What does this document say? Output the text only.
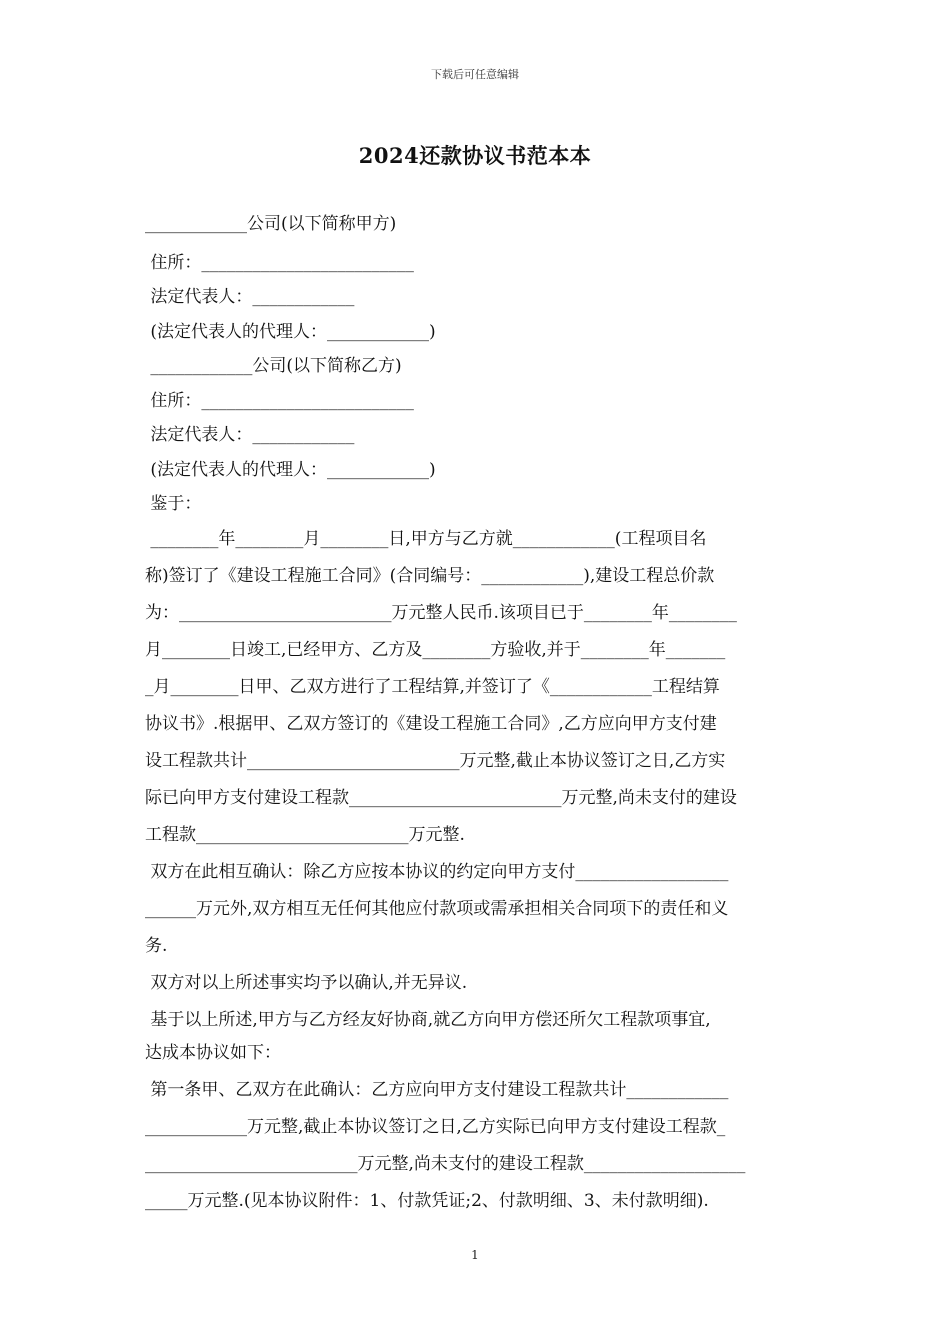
下载后可任意编辑
2024还款协议书范本本
____________公司(以下简称甲方)
住所：_________________________
法定代表人：____________
(法定代表人的代理人：____________)
____________公司(以下简称乙方)
住所：_________________________
法定代表人：____________
(法定代表人的代理人：____________)
鉴于：
________年________月________日,甲方与乙方就____________(工程项目名
称)签订了《建设工程施工合同》(合同编号：____________),建设工程总价款
为：_________________________万元整人民币.该项目已于________年________
月________日竣工,已经甲方、乙方及________方验收,并于________年_______
_月________日甲、乙双方进行了工程结算,并签订了《____________工程结算
协议书》.根据甲、乙双方签订的《建设工程施工合同》,乙方应向甲方支付建
设工程款共计_________________________万元整,截止本协议签订之日,乙方实
际已向甲方支付建设工程款_________________________万元整,尚未支付的建设
工程款_________________________万元整.
双方在此相互确认：除乙方应按本协议的约定向甲方支付__________________
______万元外,双方相互无任何其他应付款项或需承担相关合同项下的责任和义
务.
双方对以上所述事实均予以确认,并无异议.
基于以上所述,甲方与乙方经友好协商,就乙方向甲方偿还所欠工程款项事宜,
达成本协议如下：
第一条甲、乙双方在此确认：乙方应向甲方支付建设工程款共计____________
____________万元整,截止本协议签订之日,乙方实际已向甲方支付建设工程款_
_________________________万元整,尚未支付的建设工程款___________________
_____万元整.(见本协议附件：1、付款凭证;2、付款明细、3、未付款明细).
1
